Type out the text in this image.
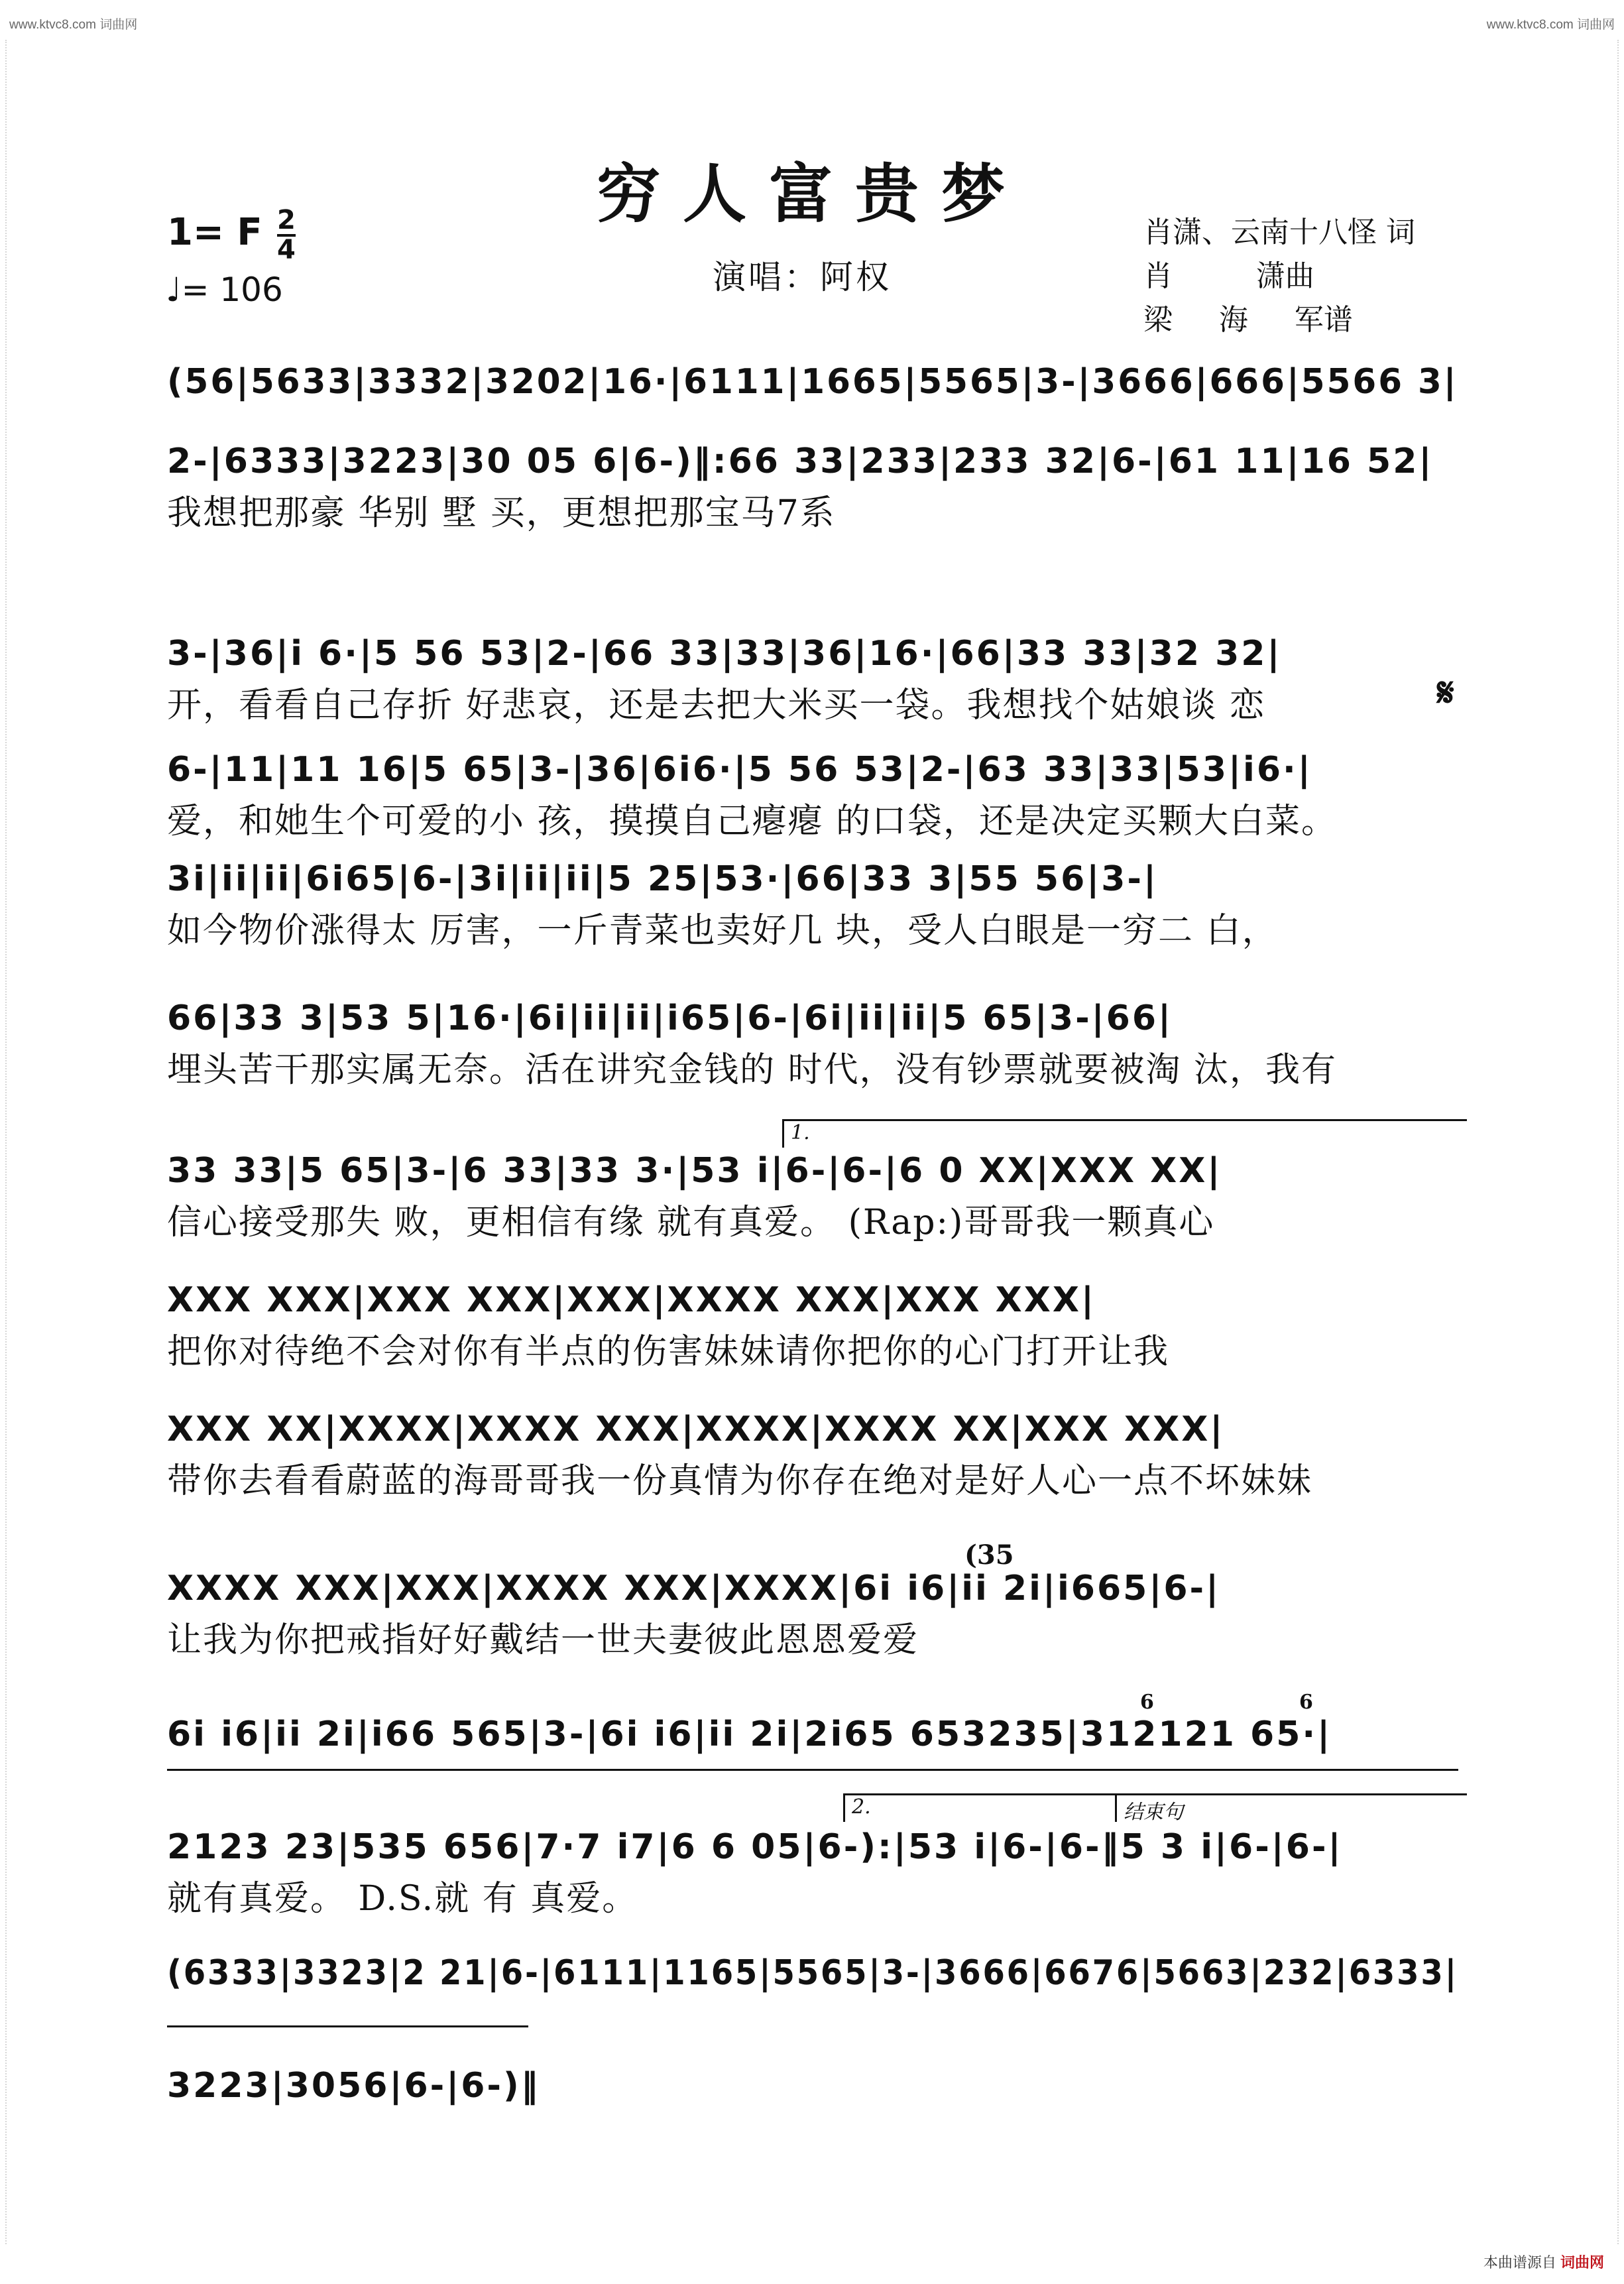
www.ktvc8.com 词曲网	www.ktvc8.com 词曲网
穷人富贵梦
演唱：阿权
1= F 2
4
♩= 106
肖潇、云南十八怪 词
肖         潇曲
梁     海     军谱
(56|5633|3332|3202|16·|6111|1665|5565|3-|3666|666|5566 3|
2-|6333|3223|30 05 6|6-)‖:66 33|233|233 32|6-|61 11|16 52|
我想把那豪 华别 墅 买，更想把那宝马7系
3-|36|i 6·|5 56 53|2-|66 33|33|36|16·|66|33 33|32 32|
开，看看自己存折 好悲哀，还是去把大米买一袋。我想找个姑娘谈 恋
6-|11|11 16|5 65|3-|36|6i6·|5 56 53|2-|63 33|33|53|i6·|
爱，和她生个可爱的小 孩，摸摸自己瘪瘪 的口袋，还是决定买颗大白菜。
3i|ii|ii|6i65|6-|3i|ii|ii|5 25|53·|66|33 3|55 56|3-|
如今物价涨得太 厉害，一斤青菜也卖好几 块，受人白眼是一穷二 白，
66|33 3|53 5|16·|6i|ii|ii|i65|6-|6i|ii|ii|5 65|3-|66|
埋头苦干那实属无奈。活在讲究金钱的 时代，没有钞票就要被淘 汰，我有
33 33|5 65|3-|6 33|33 3·|53 i|6-|6-|6 0 XX|XXX XX|
信心接受那失 败，更相信有缘 就有真爱。 (Rap:)哥哥我一颗真心
XXX XXX|XXX XXX|XXX|XXXX XXX|XXX XXX|
把你对待绝不会对你有半点的伤害妹妹请你把你的心门打开让我
XXX XX|XXXX|XXXX XXX|XXXX|XXXX XX|XXX XXX|
带你去看看蔚蓝的海哥哥我一份真情为你存在绝对是好人心一点不坏妹妹
XXXX XXX|XXX|XXXX XXX|XXXX|6i i6|ii 2i|i665|6-|
让我为你把戒指好好戴结一世夫妻彼此恩恩爱爱
6i i6|ii 2i|i66 565|3-|6i i6|ii 2i|2i65 653235|312121 65·|
2123 23|535 656|7·7 i7|6 6 05|6-):|53 i|6-|6-‖5 3 i|6-|6-|
就有真爱。 D.S.就 有 真爱。
(6333|3323|2 21|6-|6111|1165|5565|3-|3666|6676|5663|232|6333|
3223|3056|6-|6-)‖
𝄋
1.
2.	结束句
(35
6	6
本曲谱源自 词曲网
